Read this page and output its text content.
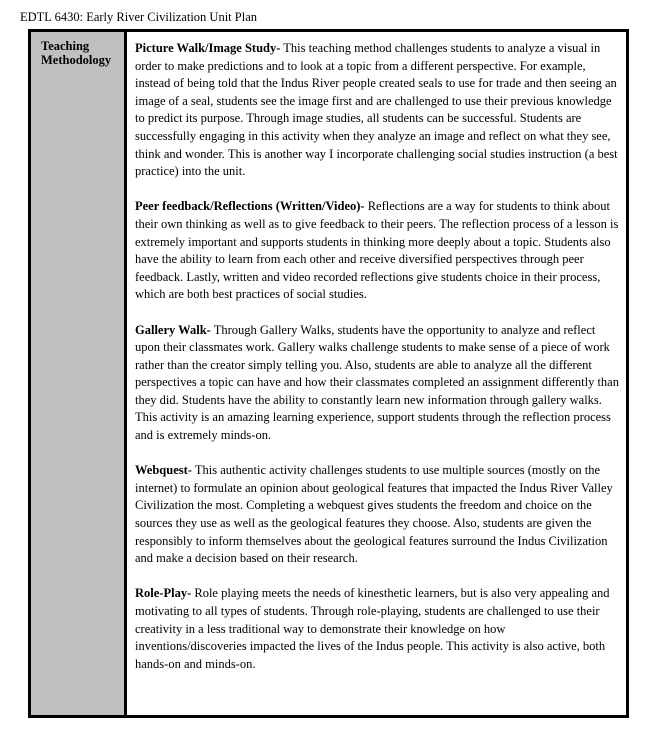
EDTL 6430: Early River Civilization Unit Plan
Teaching
Methodology

Picture Walk/Image Study- This teaching method challenges students to analyze a visual in order to make predictions and to look at a topic from a different perspective. For example, instead of being told that the Indus River people created seals to use for trade and then seeing an image of a seal, students see the image first and are challenged to use their previous knowledge to predict its purpose. Through image studies, all students can be successful. Students are successfully engaging in this activity when they analyze an image and reflect on what they see, think and wonder. This is another way I incorporate challenging social studies instruction (a best practice) into the unit.

Peer feedback/Reflections (Written/Video)- Reflections are a way for students to think about their own thinking as well as to give feedback to their peers. The reflection process of a lesson is extremely important and supports students in thinking more deeply about a topic. Students also have the ability to learn from each other and receive diversified perspectives through peer feedback. Lastly, written and video recorded reflections give students choice in their process, which are both best practices of social studies.

Gallery Walk- Through Gallery Walks, students have the opportunity to analyze and reflect upon their classmates work. Gallery walks challenge students to make sense of a piece of work rather than the creator simply telling you. Also, students are able to analyze all the different perspectives a topic can have and how their classmates completed an assignment differently than they did. Students have the ability to constantly learn new information through gallery walks. This activity is an amazing learning experience, support students through the reflection process and is extremely minds-on.

Webquest- This authentic activity challenges students to use multiple sources (mostly on the internet) to formulate an opinion about geological features that impacted the Indus River Valley Civilization the most. Completing a webquest gives students the freedom and choice on the sources they use as well as the geological features they choose. Also, students are given the responsibly to inform themselves about the geological features surround the Indus Civilization and make a decision based on their research.

Role-Play- Role playing meets the needs of kinesthetic learners, but is also very appealing and motivating to all types of students. Through role-playing, students are challenged to use their creativity in a less traditional way to demonstrate their knowledge on how inventions/discoveries impacted the lives of the Indus people. This activity is also active, both hands-on and minds-on.
